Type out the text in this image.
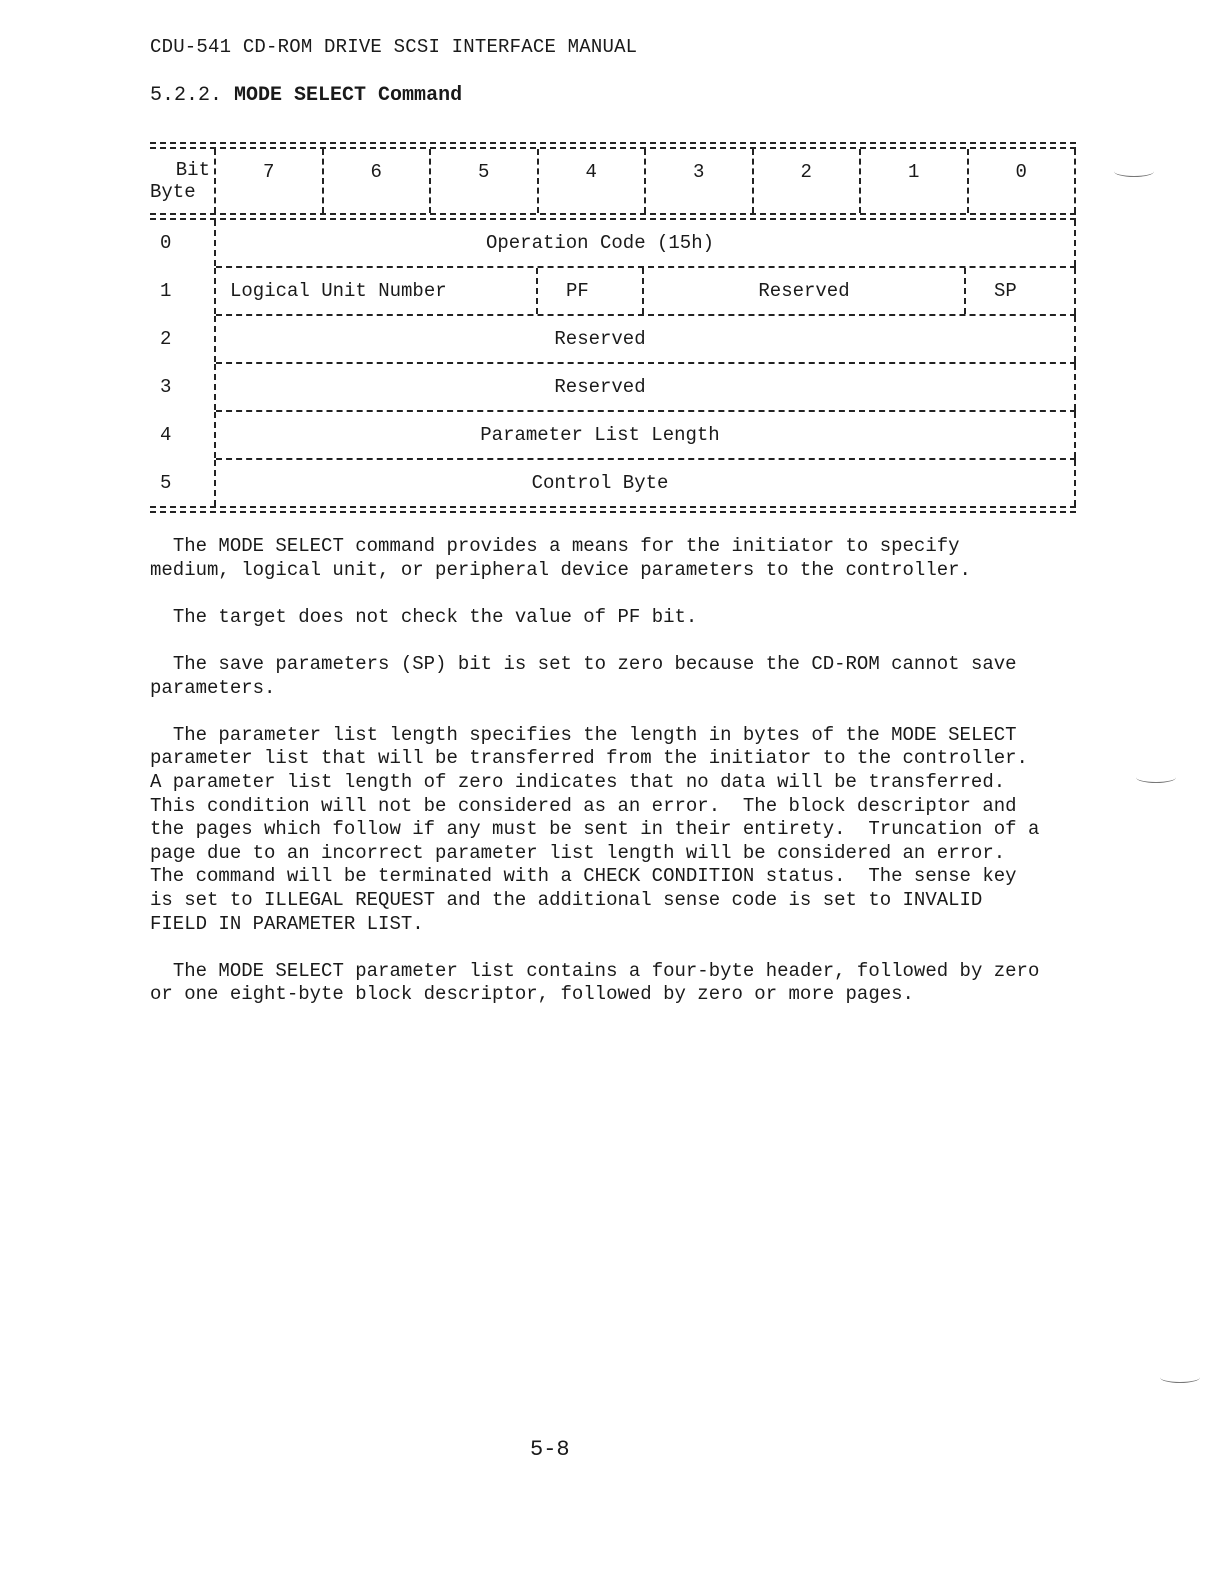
CDU-541 CD-ROM DRIVE SCSI INTERFACE MANUAL
5.2.2. MODE SELECT Command
Bit
Byte
7	6	5	4	3	2	1	0
0	Operation Code (15h)
1	Logical Unit Number	PF	Reserved	SP
2	Reserved
3	Reserved
4	Parameter List Length
5	Control Byte

The MODE SELECT command provides a means for the initiator to specify
medium, logical unit, or peripheral device parameters to the controller.

The target does not check the value of PF bit.

The save parameters (SP) bit is set to zero because the CD-ROM cannot save
parameters.

The parameter list length specifies the length in bytes of the MODE SELECT
parameter list that will be transferred from the initiator to the controller.
A parameter list length of zero indicates that no data will be transferred.
This condition will not be considered as an error.  The block descriptor and
the pages which follow if any must be sent in their entirety.  Truncation of a
page due to an incorrect parameter list length will be considered an error.
The command will be terminated with a CHECK CONDITION status.  The sense key
is set to ILLEGAL REQUEST and the additional sense code is set to INVALID
FIELD IN PARAMETER LIST.

The MODE SELECT parameter list contains a four-byte header, followed by zero
or one eight-byte block descriptor, followed by zero or more pages.

5-8
